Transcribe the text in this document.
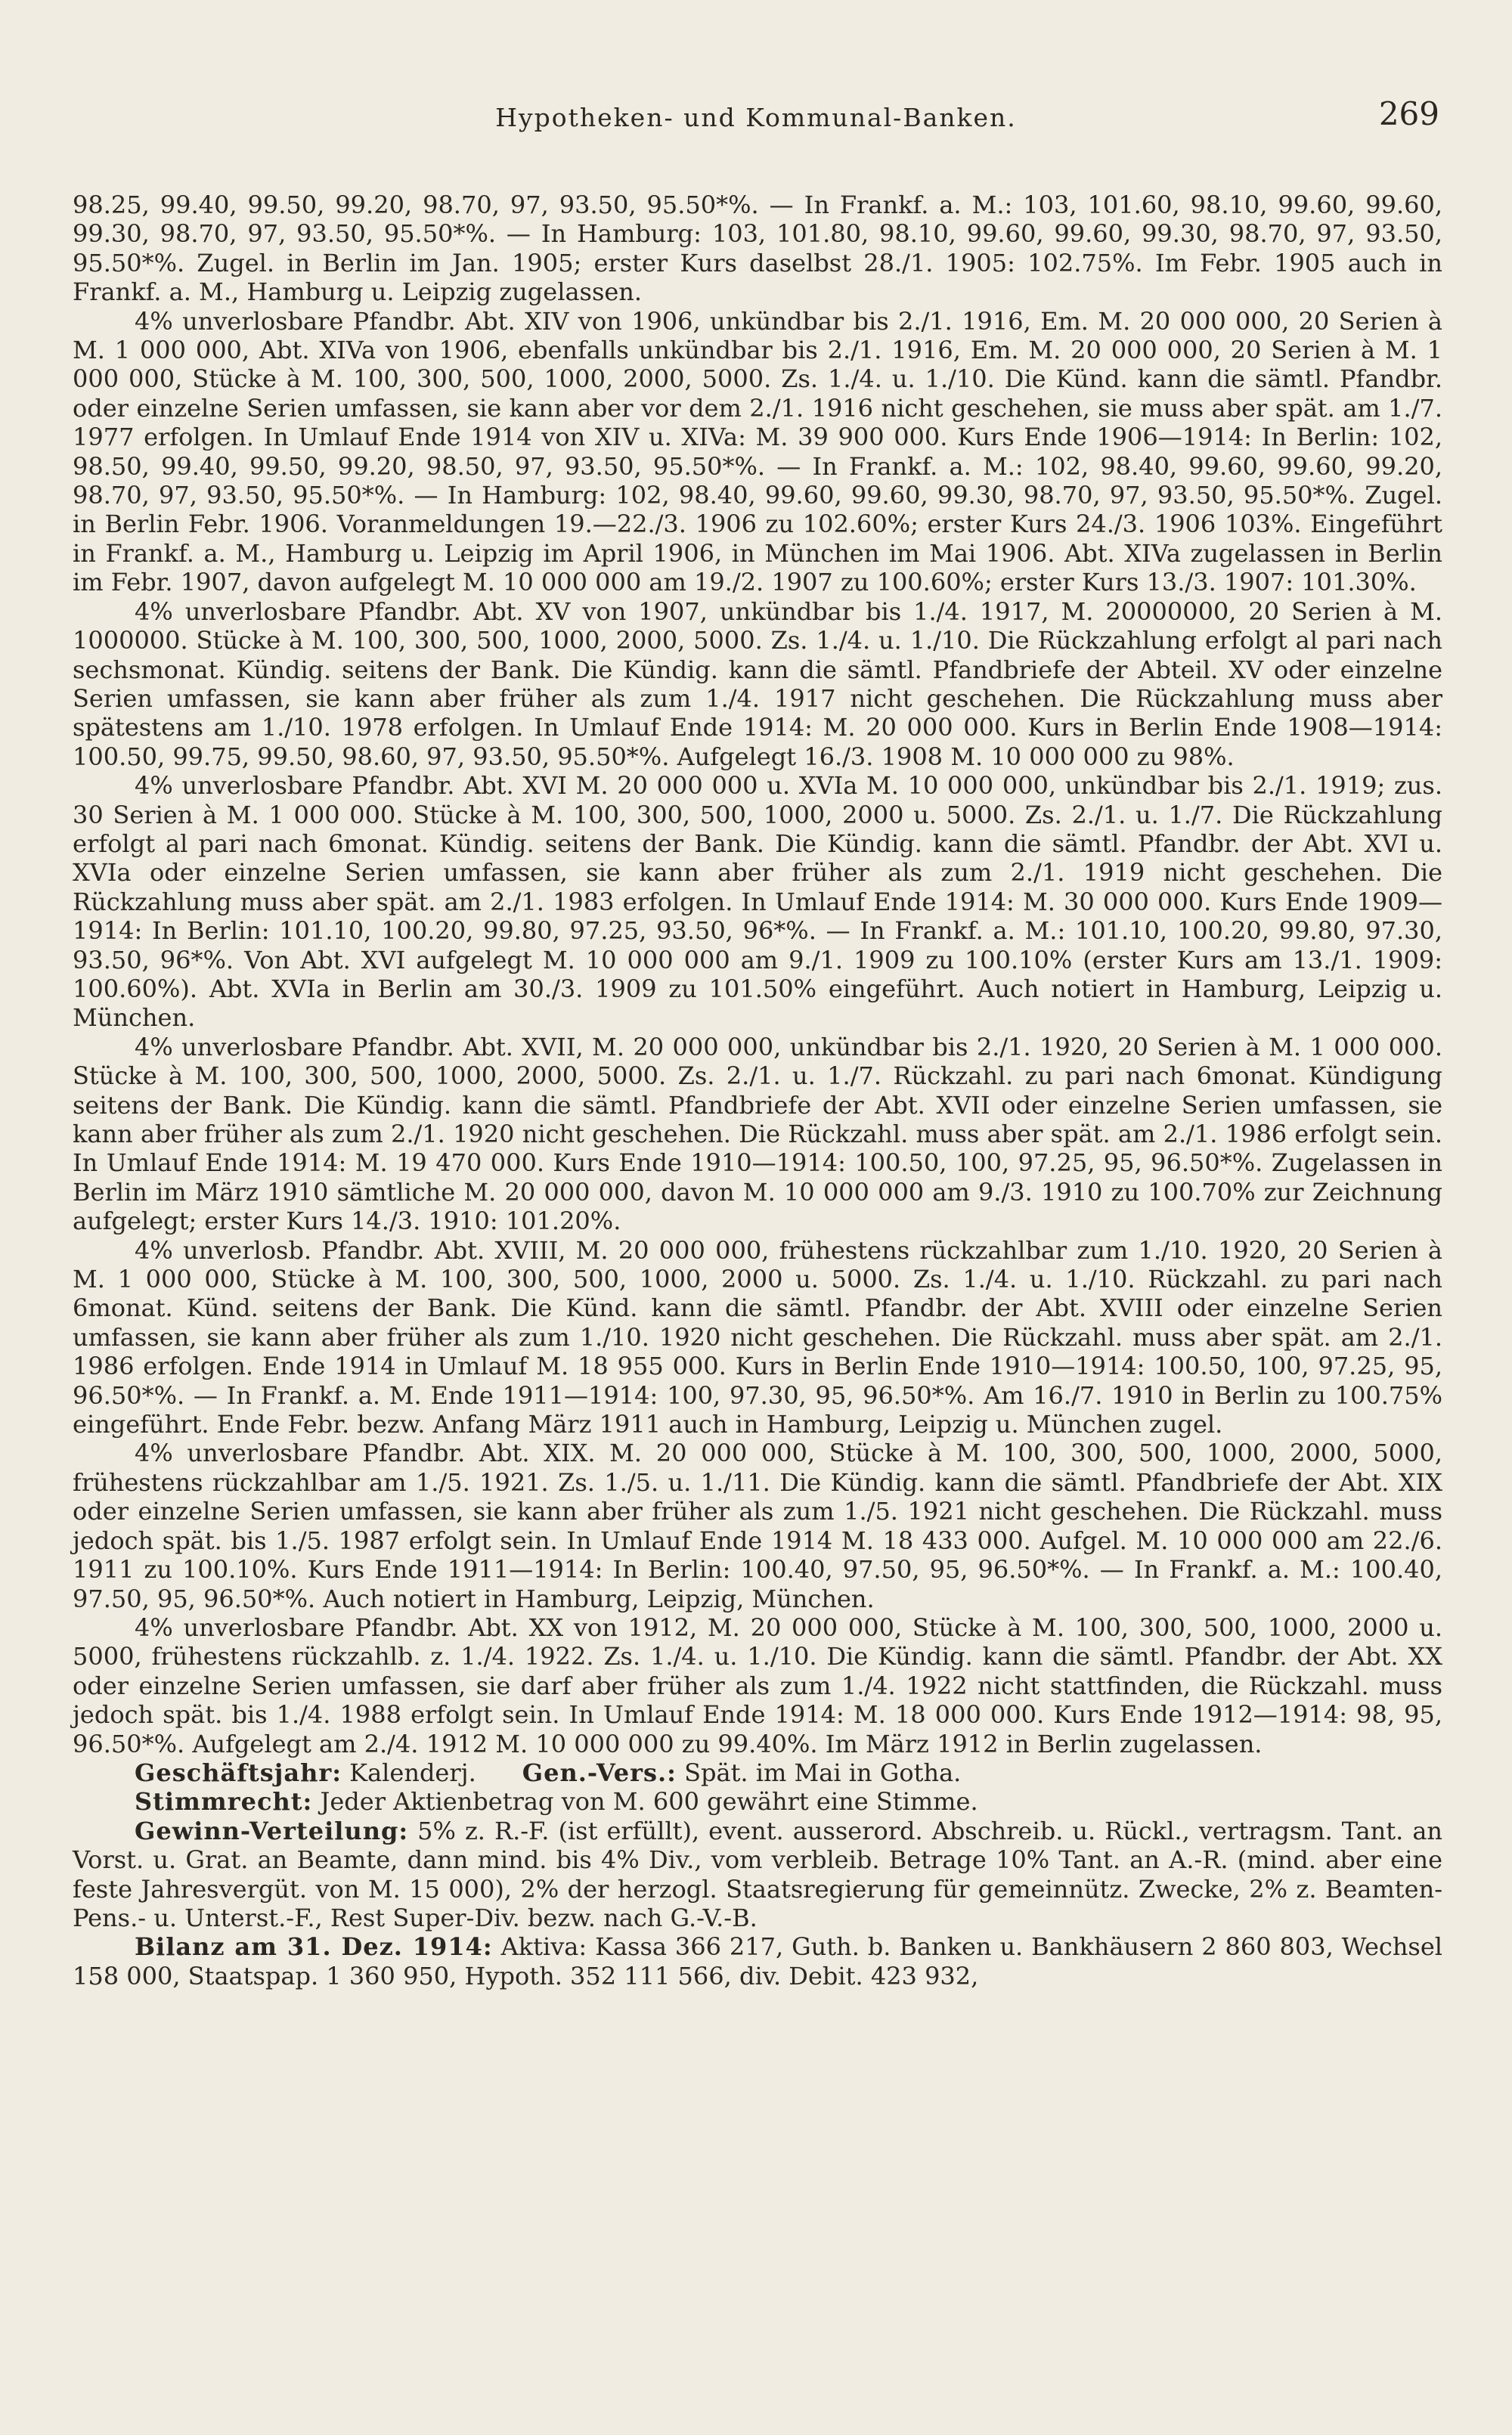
Hypotheken- und Kommunal-Banken.	269

98.25, 99.40, 99.50, 99.20, 98.70, 97, 93.50, 95.50*%. — In Frankf. a. M.: 103, 101.60, 98.10, 99.60, 99.60, 99.30, 98.70, 97, 93.50, 95.50*%. — In Hamburg: 103, 101.80, 98.10, 99.60, 99.60, 99.30, 98.70, 97, 93.50, 95.50*%. Zugel. in Berlin im Jan. 1905; erster Kurs daselbst 28./1. 1905: 102.75%. Im Febr. 1905 auch in Frankf. a. M., Hamburg u. Leipzig zugelassen.

4% unverlosbare Pfandbr. Abt. XIV von 1906, unkündbar bis 2./1. 1916, Em. M. 20 000 000, 20 Serien à M. 1 000 000, Abt. XIVa von 1906, ebenfalls unkündbar bis 2./1. 1916, Em. M. 20 000 000, 20 Serien à M. 1 000 000, Stücke à M. 100, 300, 500, 1000, 2000, 5000. Zs. 1./4. u. 1./10. Die Künd. kann die sämtl. Pfandbr. oder einzelne Serien umfassen, sie kann aber vor dem 2./1. 1916 nicht geschehen, sie muss aber spät. am 1./7. 1977 erfolgen. In Umlauf Ende 1914 von XIV u. XIVa: M. 39 900 000. Kurs Ende 1906—1914: In Berlin: 102, 98.50, 99.40, 99.50, 99.20, 98.50, 97, 93.50, 95.50*%. — In Frankf. a. M.: 102, 98.40, 99.60, 99.60, 99.20, 98.70, 97, 93.50, 95.50*%. — In Hamburg: 102, 98.40, 99.60, 99.60, 99.30, 98.70, 97, 93.50, 95.50*%. Zugel. in Berlin Febr. 1906. Voranmeldungen 19.—22./3. 1906 zu 102.60%; erster Kurs 24./3. 1906 103%. Eingeführt in Frankf. a. M., Hamburg u. Leipzig im April 1906, in München im Mai 1906. Abt. XIVa zugelassen in Berlin im Febr. 1907, davon aufgelegt M. 10 000 000 am 19./2. 1907 zu 100.60%; erster Kurs 13./3. 1907: 101.30%.

4% unverlosbare Pfandbr. Abt. XV von 1907, unkündbar bis 1./4. 1917, M. 20000000, 20 Serien à M. 1000000. Stücke à M. 100, 300, 500, 1000, 2000, 5000. Zs. 1./4. u. 1./10. Die Rückzahlung erfolgt al pari nach sechsmonat. Kündig. seitens der Bank. Die Kündig. kann die sämtl. Pfandbriefe der Abteil. XV oder einzelne Serien umfassen, sie kann aber früher als zum 1./4. 1917 nicht geschehen. Die Rückzahlung muss aber spätestens am 1./10. 1978 erfolgen. In Umlauf Ende 1914: M. 20 000 000. Kurs in Berlin Ende 1908—1914: 100.50, 99.75, 99.50, 98.60, 97, 93.50, 95.50*%. Aufgelegt 16./3. 1908 M. 10 000 000 zu 98%.

4% unverlosbare Pfandbr. Abt. XVI M. 20 000 000 u. XVIa M. 10 000 000, unkündbar bis 2./1. 1919; zus. 30 Serien à M. 1 000 000. Stücke à M. 100, 300, 500, 1000, 2000 u. 5000. Zs. 2./1. u. 1./7. Die Rückzahlung erfolgt al pari nach 6monat. Kündig. seitens der Bank. Die Kündig. kann die sämtl. Pfandbr. der Abt. XVI u. XVIa oder einzelne Serien umfassen, sie kann aber früher als zum 2./1. 1919 nicht geschehen. Die Rückzahlung muss aber spät. am 2./1. 1983 erfolgen. In Umlauf Ende 1914: M. 30 000 000. Kurs Ende 1909—1914: In Berlin: 101.10, 100.20, 99.80, 97.25, 93.50, 96*%. — In Frankf. a. M.: 101.10, 100.20, 99.80, 97.30, 93.50, 96*%. Von Abt. XVI aufgelegt M. 10 000 000 am 9./1. 1909 zu 100.10% (erster Kurs am 13./1. 1909: 100.60%). Abt. XVIa in Berlin am 30./3. 1909 zu 101.50% eingeführt. Auch notiert in Hamburg, Leipzig u. München.

4% unverlosbare Pfandbr. Abt. XVII, M. 20 000 000, unkündbar bis 2./1. 1920, 20 Serien à M. 1 000 000. Stücke à M. 100, 300, 500, 1000, 2000, 5000. Zs. 2./1. u. 1./7. Rückzahl. zu pari nach 6monat. Kündigung seitens der Bank. Die Kündig. kann die sämtl. Pfandbriefe der Abt. XVII oder einzelne Serien umfassen, sie kann aber früher als zum 2./1. 1920 nicht geschehen. Die Rückzahl. muss aber spät. am 2./1. 1986 erfolgt sein. In Umlauf Ende 1914: M. 19 470 000. Kurs Ende 1910—1914: 100.50, 100, 97.25, 95, 96.50*%. Zugelassen in Berlin im März 1910 sämtliche M. 20 000 000, davon M. 10 000 000 am 9./3. 1910 zu 100.70% zur Zeichnung aufgelegt; erster Kurs 14./3. 1910: 101.20%.

4% unverlosb. Pfandbr. Abt. XVIII, M. 20 000 000, frühestens rückzahlbar zum 1./10. 1920, 20 Serien à M. 1 000 000, Stücke à M. 100, 300, 500, 1000, 2000 u. 5000. Zs. 1./4. u. 1./10. Rückzahl. zu pari nach 6monat. Künd. seitens der Bank. Die Künd. kann die sämtl. Pfandbr. der Abt. XVIII oder einzelne Serien umfassen, sie kann aber früher als zum 1./10. 1920 nicht geschehen. Die Rückzahl. muss aber spät. am 2./1. 1986 erfolgen. Ende 1914 in Umlauf M. 18 955 000. Kurs in Berlin Ende 1910—1914: 100.50, 100, 97.25, 95, 96.50*%. — In Frankf. a. M. Ende 1911—1914: 100, 97.30, 95, 96.50*%. Am 16./7. 1910 in Berlin zu 100.75% eingeführt. Ende Febr. bezw. Anfang März 1911 auch in Hamburg, Leipzig u. München zugel.

4% unverlosbare Pfandbr. Abt. XIX. M. 20 000 000, Stücke à M. 100, 300, 500, 1000, 2000, 5000, frühestens rückzahlbar am 1./5. 1921. Zs. 1./5. u. 1./11. Die Kündig. kann die sämtl. Pfandbriefe der Abt. XIX oder einzelne Serien umfassen, sie kann aber früher als zum 1./5. 1921 nicht geschehen. Die Rückzahl. muss jedoch spät. bis 1./5. 1987 erfolgt sein. In Umlauf Ende 1914 M. 18 433 000. Aufgel. M. 10 000 000 am 22./6. 1911 zu 100.10%. Kurs Ende 1911—1914: In Berlin: 100.40, 97.50, 95, 96.50*%. — In Frankf. a. M.: 100.40, 97.50, 95, 96.50*%. Auch notiert in Hamburg, Leipzig, München.

4% unverlosbare Pfandbr. Abt. XX von 1912, M. 20 000 000, Stücke à M. 100, 300, 500, 1000, 2000 u. 5000, frühestens rückzahlb. z. 1./4. 1922. Zs. 1./4. u. 1./10. Die Kündig. kann die sämtl. Pfandbr. der Abt. XX oder einzelne Serien umfassen, sie darf aber früher als zum 1./4. 1922 nicht stattfinden, die Rückzahl. muss jedoch spät. bis 1./4. 1988 erfolgt sein. In Umlauf Ende 1914: M. 18 000 000. Kurs Ende 1912—1914: 98, 95, 96.50*%. Aufgelegt am 2./4. 1912 M. 10 000 000 zu 99.40%. Im März 1912 in Berlin zugelassen.

Geschäftsjahr: Kalenderj. Gen.-Vers.: Spät. im Mai in Gotha.

Stimmrecht: Jeder Aktienbetrag von M. 600 gewährt eine Stimme.

Gewinn-Verteilung: 5% z. R.-F. (ist erfüllt), event. ausserord. Abschreib. u. Rückl., vertragsm. Tant. an Vorst. u. Grat. an Beamte, dann mind. bis 4% Div., vom verbleib. Betrage 10% Tant. an A.-R. (mind. aber eine feste Jahresvergüt. von M. 15 000), 2% der herzogl. Staatsregierung für gemeinnütz. Zwecke, 2% z. Beamten-Pens.- u. Unterst.-F., Rest Super-Div. bezw. nach G.-V.-B.

Bilanz am 31. Dez. 1914: Aktiva: Kassa 366 217, Guth. b. Banken u. Bankhäusern 2 860 803, Wechsel 158 000, Staatspap. 1 360 950, Hypoth. 352 111 566, div. Debit. 423 932,
